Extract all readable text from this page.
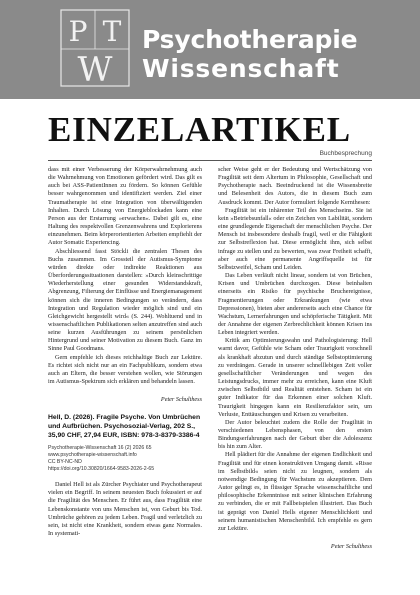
P T
W
Psychotherapie
Wissenschaft
EINZELARTIKEL
Buchbesprechung

dass mit einer Verbesserung der Körperwahrnehmung auch die Wahrnehmung von Emotionen gefördert wird. Das gilt es auch bei ASS-PatientInnen zu fördern. So können Gefühle besser wahrgenommen und identifiziert werden. Ziel einer Traumatherapie ist eine Integration von überwältigenden Inhalten. Durch Lösung von Energieblockaden kann eine Person aus der Erstarrung »erwachen«. Dabei gilt es, eine Haltung des respektvollen Grenzenwahrens und Explorierens einzunehmen. Beim körperorientierten Arbeiten empfiehlt der Autor Somatic Experiencing.

Abschliessend fasst Stöckli die zentralen Thesen des Buchs zusammen. Im Grossteil der Autismus-Symptome würden direkte oder indirekte Reaktionen aus Überforderungssituationen darstellen: »Durch kleinschrittige Wiederherstellung einer gesunden Widerstandskraft, Abgrenzung, Filterung der Einflüsse und Energiemanagement können sich die inneren Bedingungen so verändern, dass Integration und Regulation wieder möglich sind und ein Gleichgewicht hergestellt wird« (S. 244). Wohltuend und in wissenschaftlichen Publikationen selten anzutreffen sind auch seine kurzen Ausführungen zu seinem persönlichen Hintergrund und seiner Motivation zu diesem Buch. Ganz im Sinne Paul Goodmans.

Gern empfehle ich dieses reichhaltige Buch zur Lektüre. Es richtet sich nicht nur an ein Fachpublikum, sondern etwa auch an Eltern, die besser verstehen wollen, wie Störungen im Autismus-Spektrum sich erklären und behandeln lassen.

Peter Schulthess

Hell, D. (2026). Fragile Psyche. Von Umbrüchen und Aufbrüchen. Psychosozial-Verlag, 202 S., 35,90 CHF, 27,94 EUR, ISBN: 978-3-8379-3386-4
Psychotherapie-Wissenschaft 16 (2) 2026 65
www.psychotherapie-wissenschaft.info
CC BY-NC-ND
https://doi.org/10.30820/1664-9583-2026-2-65

Daniel Hell ist als Zürcher Psychiater und Psychotherapeut vielen ein Begriff. In seinem neuesten Buch fokussiert er auf die Fragilität des Menschen. Er führt aus, dass Fragilität eine Lebenskonstante von uns Menschen ist, von Geburt bis Tod. Umbrüche gehören zu jedem Leben. Fragil und verletzlich zu sein, ist nicht eine Krankheit, sondern etwas ganz Normales. In systemati-

scher Weise geht er der Bedeutung und Wertschätzung von Fragilität seit dem Altertum in Philosophie, Gesellschaft und Psychotherapie nach. Beeindruckend ist die Wissensbreite und Belesenheit des Autors, die in diesem Buch zum Ausdruck kommt. Der Autor formuliert folgende Kernthesen:

Fragilität ist ein inhärenter Teil des Menschseins. Sie ist kein »Betriebsunfall« oder ein Zeichen von Labilität, sondern eine grundlegende Eigenschaft der menschlichen Psyche. Der Mensch ist insbesondere deshalb fragil, weil er die Fähigkeit zur Selbstreflexion hat. Diese ermöglicht ihm, sich selbst infrage zu stellen und zu bewerten, was zwar Freiheit schafft, aber auch eine permanente Angriffsquelle ist für Selbstzweifel, Scham und Leiden.

Das Leben verläuft nicht linear, sondern ist von Brüchen, Krisen und Umbrüchen durchzogen. Diese beinhalten einerseits ein Risiko für psychische Bruchereignisse, Fragmentierungen oder Erkrankungen (wie etwa Depressionen), bieten aber andererseits auch eine Chance für Wachstum, Lernerfahrungen und schöpferische Tätigkeit. Mit der Annahme der eigenen Zerbrechlichkeit können Krisen ins Leben integriert werden.

Kritik am Optimierungswahn und Pathologisierung: Hell warnt davor, Gefühle wie Scham oder Traurigkeit vorschnell als krankhaft abzutun und durch ständige Selbstoptimierung zu verdrängen. Gerade in unserer schnelllebigen Zeit voller gesellschaftlicher Veränderungen und wegen des Leistungsdrucks, immer mehr zu erreichen, kann eine Kluft zwischen Selbstbild und Realität entstehen. Scham ist ein guter Indikator für das Erkennen einer solchen Kluft. Traurigkeit hingegen kann ein Resilienzfaktor sein, um Verluste, Enttäuschungen und Krisen zu verarbeiten.

Der Autor beleuchtet zudem die Rolle der Fragilität in verschiedenen Lebensphasen, von den ersten Bindungserfahrungen nach der Geburt über die Adoleszenz bis hin zum Alter.

Hell plädiert für die Annahme der eigenen Endlichkeit und Fragilität und für einen konstruktiven Umgang damit. »Risse im Selbstbild« seien nicht zu leugnen, sondern als notwendige Bedingung für Wachstum zu akzeptieren. Dem Autor gelingt es, in flüssiger Sprache wissenschaftliche und philosophische Erkenntnisse mit seiner klinischen Erfahrung zu verbinden, die er mit Fallbeispielen illustriert. Das Buch ist geprägt von Daniel Hells eigener Menschlichkeit und seinem humanistischen Menschenbild. Ich empfehle es gern zur Lektüre.

Peter Schulthess
